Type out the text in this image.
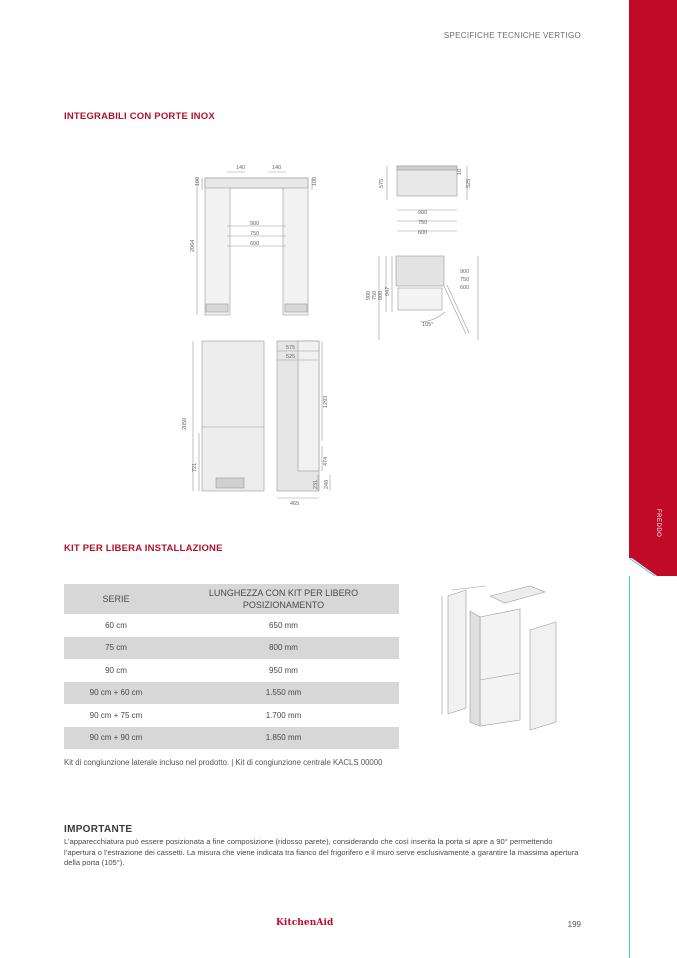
SPECIFICHE TECNICHE VERTIGO
FREDDO
INTEGRABILI CON PORTE INOX
140	140
100	100
2064
900
750
600
575
10
525
900
750
600
947
900 750 600
900
750
600
105°
2050
721
575
525
1293
474
231 248
465
KIT PER LIBERA INSTALLAZIONE
SERIE	LUNGHEZZA CON KIT PER LIBERO POSIZIONAMENTO
60 cm	650 mm
75 cm	800 mm
90 cm	950 mm
90 cm + 60 cm	1.550 mm
90 cm + 75 cm	1.700 mm
90 cm + 90 cm	1.850 mm
Kit di congiunzione laterale incluso nel prodotto. | Kit di congiunzione centrale KACLS 00000
IMPORTANTE
L’apparecchiatura può essere posizionata a fine composizione (ridosso parete), considerando che così inserita la porta si apre a 90° permettendo l’apertura o l’estrazione dei cassetti. La misura che viene indicata tra fianco del frigorifero e il muro serve esclusivamente a garantire la massima apertura della porta (105°).
KitchenAid	199
